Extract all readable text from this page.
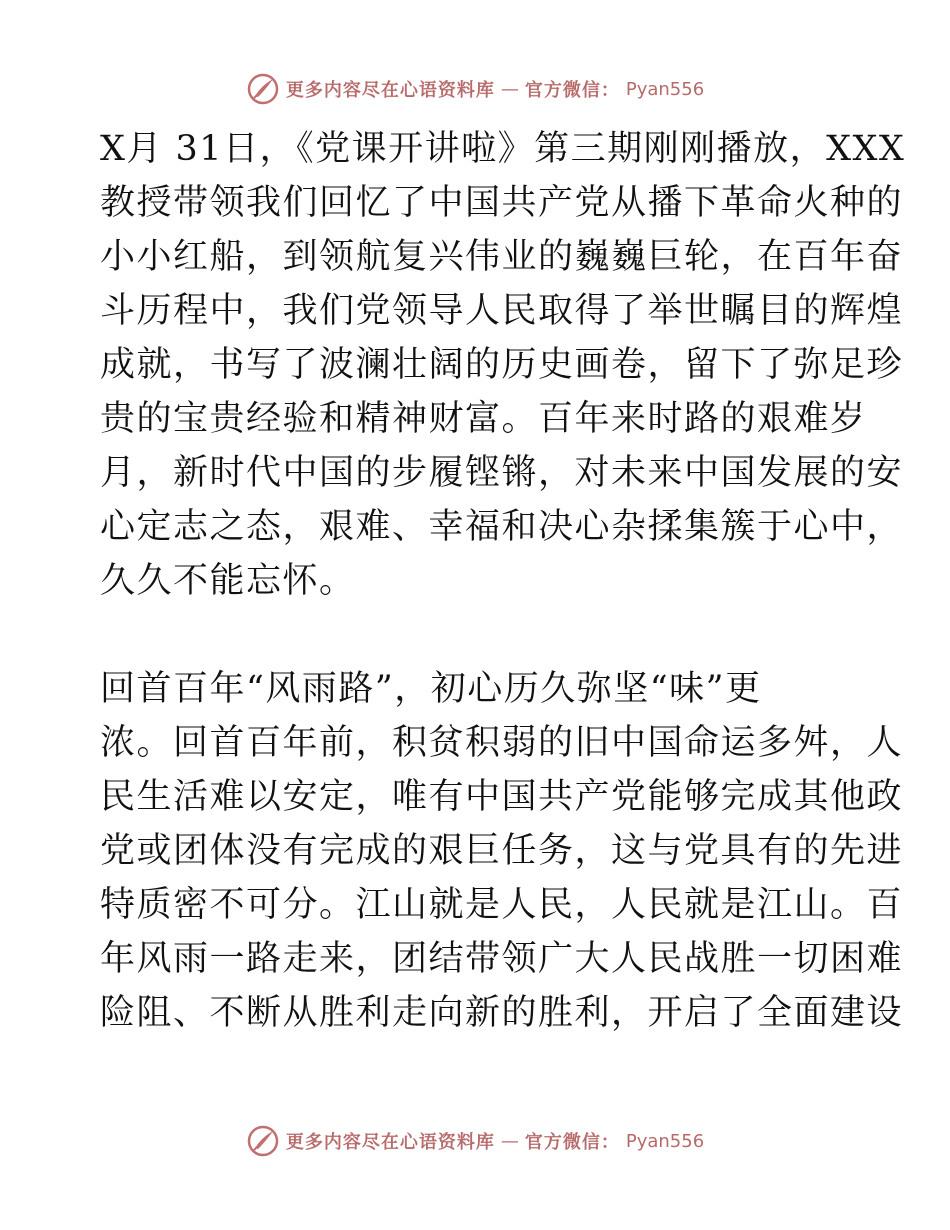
更多内容尽在心语资料库 — 官方微信： Pyan556
X月 31日，《党课开讲啦》第三期刚刚播放，XXX
教授带领我们回忆了中国共产党从播下革命火种的
小小红船，到领航复兴伟业的巍巍巨轮，在百年奋
斗历程中，我们党领导人民取得了举世瞩目的辉煌
成就，书写了波澜壮阔的历史画卷，留下了弥足珍
贵的宝贵经验和精神财富。百年来时路的艰难岁
月，新时代中国的步履铿锵，对未来中国发展的安
心定志之态，艰难、幸福和决心杂揉集簇于心中，
久久不能忘怀。
回首百年“风雨路”，初心历久弥坚“味”更
浓。回首百年前，积贫积弱的旧中国命运多舛，人
民生活难以安定，唯有中国共产党能够完成其他政
党或团体没有完成的艰巨任务，这与党具有的先进
特质密不可分。江山就是人民，人民就是江山。百
年风雨一路走来，团结带领广大人民战胜一切困难
险阻、不断从胜利走向新的胜利，开启了全面建设
更多内容尽在心语资料库 — 官方微信： Pyan556
